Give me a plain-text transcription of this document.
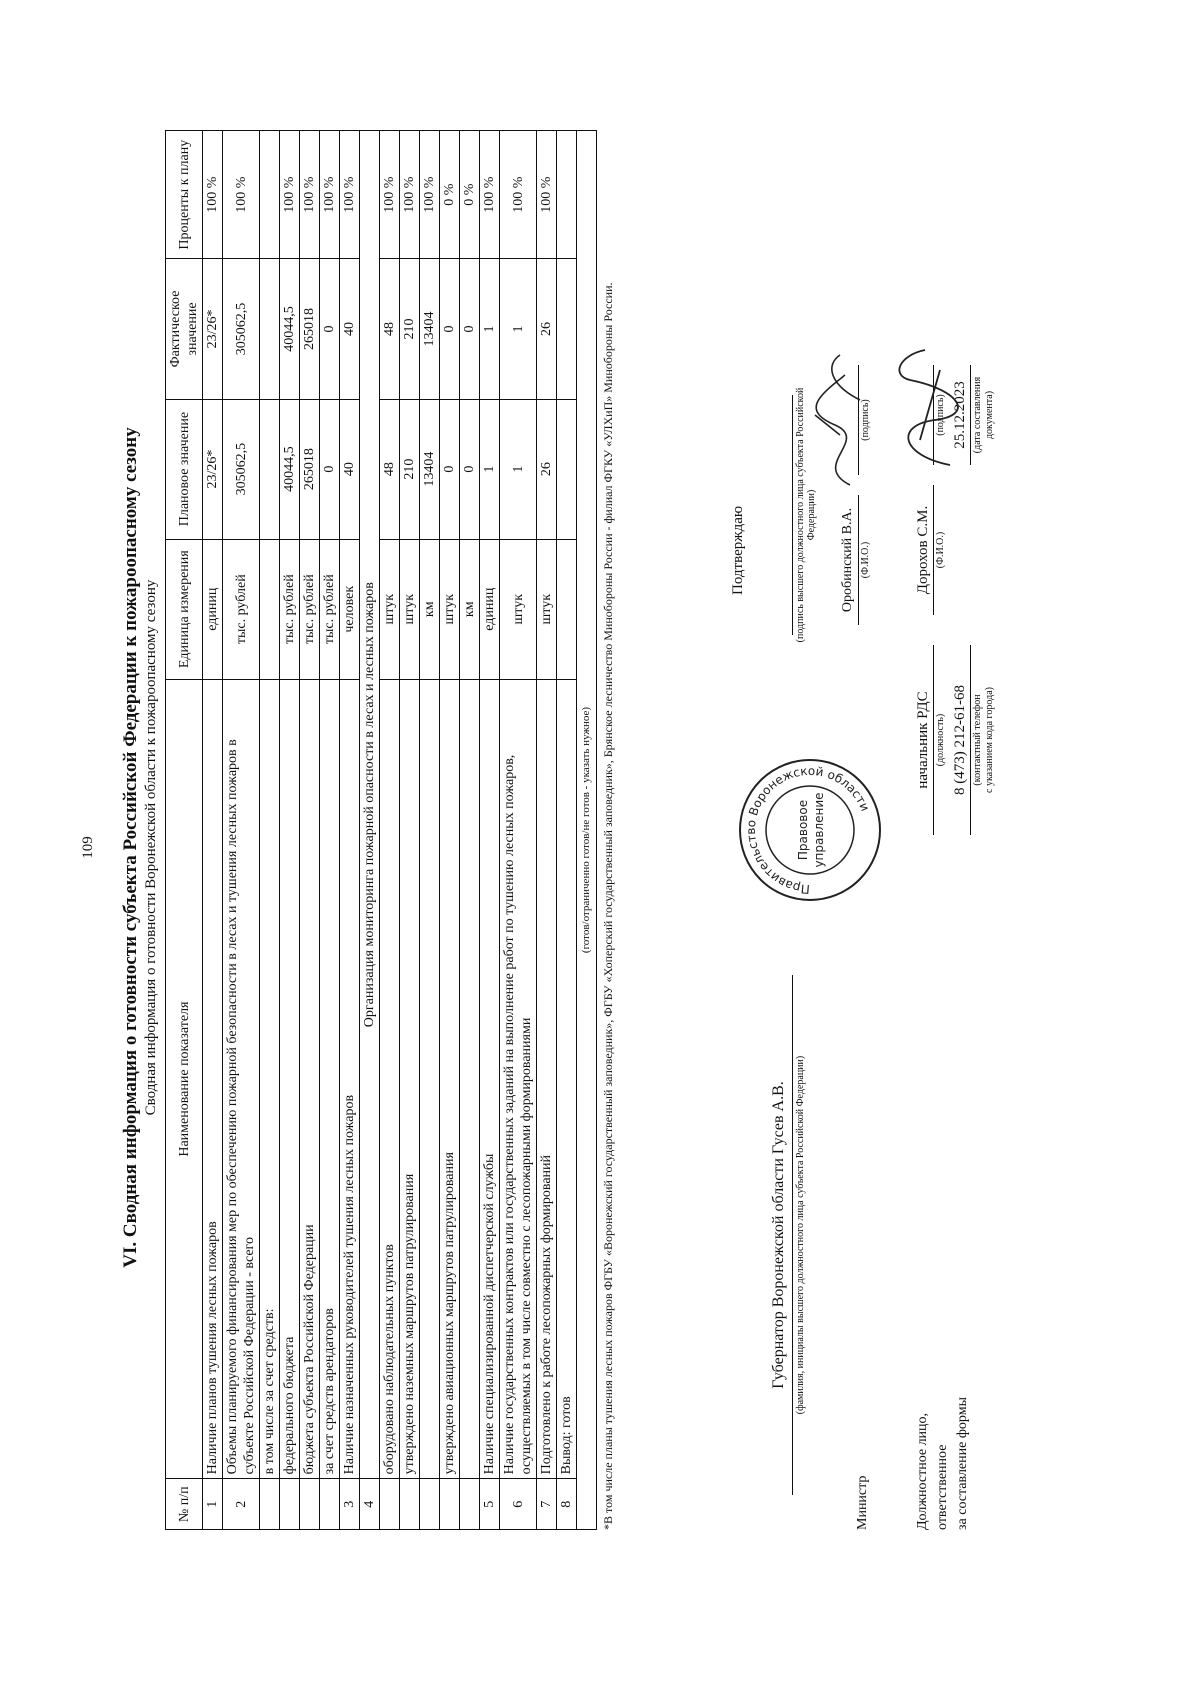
109 VI. Сводная информация о готовности субъекта Российской Федерации к пожароопасному сезону Сводная информация о готовности Воронежской области к пожароопасному сезону
№ п/п	Наименование показателя	Единица измерения	Плановое значение	Фактическое значение	Проценты к плану
1	Наличие планов тушения лесных пожаров	единиц	23/26*	23/26*	100 %
2	Объемы планируемого финансирования мер по обеспечению пожарной безопасности в лесах и тушения лесных пожаров в субъекте Российской Федерации - всего	тыс. рублей	305062,5	305062,5	100 %
	в том числе за счет средств:				
	федерального бюджета	тыс. рублей	40044,5	40044,5	100 %
	бюджета субъекта Российской Федерации	тыс. рублей	265018	265018	100 %
	за счет средств арендаторов	тыс. рублей	0	0	100 %
3	Наличие назначенных руководителей тушения лесных пожаров	человек	40	40	100 %
4	Организация мониторинга пожарной опасности в лесах и лесных пожаров				
	оборудовано наблюдательных пунктов	штук	48	48	100 %
	утверждено наземных маршрутов патрулирования	штук	210	210	100 %
		км	13404	13404	100 %
	утверждено авиационных маршрутов патрулирования	штук	0	0	0 %
		км	0	0	0 %
5	Наличие специализированной диспетчерской службы	единиц	1	1	100 %
6	Наличие государственных контрактов или государственных заданий на выполнение работ по тушению лесных пожаров, осуществляемых в том числе совместно с лесопожарными формированиями	штук	1	1	100 %
7	Подготовлено к работе лесопожарных формирований	штук	26	26	100 %
8	Вывод: готов				
(готов/отраниченно готов/не готов - указать нужное)					*В том числе планы тушения лесных пожаров ФГБУ «Воронежский государственный заповедник», ФГБУ «Хоперский государственный заповедник», Брянское лесничество Минобороны России - филиал ФГКУ «УЛХиП» Минобороны России.	Подтверждаю
Губернатор Воронежской области Гусев А.В. (фамилия, инициалы высшего должностного лица субъекта Российской Федерации)
(подпись высшего должностного лица субъекта Российской Федерации)
Министр
Оробинский В.А. (Ф.И.О.)
(подпись)
Должностное лицо, ответственное за составление формы
начальник РДС (должность)
Дорохов С.М. (Ф.И.О.)
(подпись)
8 (473) 212-61-68 (контактный телефон с указанием кода города)
25.12.2023 (дата составления документа)
Правительство Воронежской области
Правовое управление
